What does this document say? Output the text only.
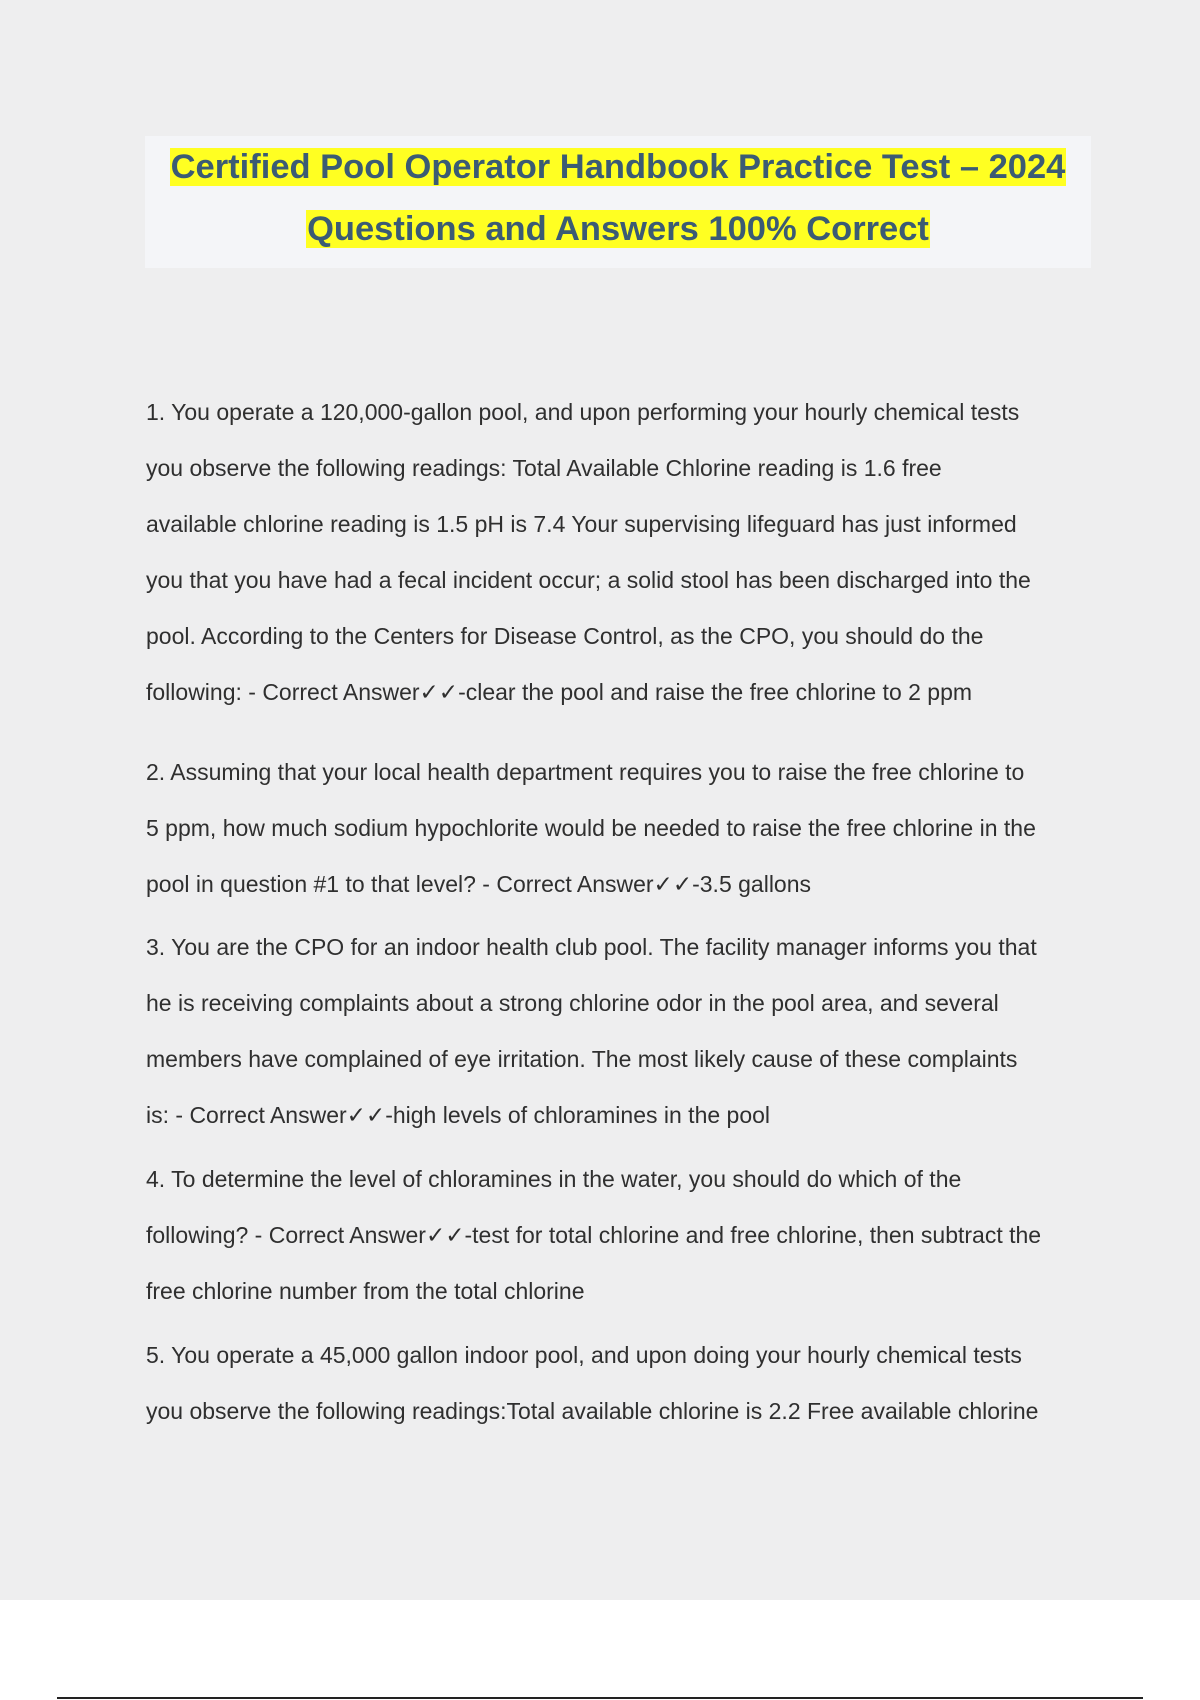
Certified Pool Operator Handbook Practice Test – 2024
Questions and Answers 100% Correct
1. You operate a 120,000-gallon pool, and upon performing your hourly chemical tests
you observe the following readings: Total Available Chlorine reading is 1.6 free
available chlorine reading is 1.5 pH is 7.4 Your supervising lifeguard has just informed
you that you have had a fecal incident occur; a solid stool has been discharged into the
pool. According to the Centers for Disease Control, as the CPO, you should do the
following: - Correct Answer✓✓-clear the pool and raise the free chlorine to 2 ppm
2. Assuming that your local health department requires you to raise the free chlorine to
5 ppm, how much sodium hypochlorite would be needed to raise the free chlorine in the
pool in question #1 to that level? - Correct Answer✓✓-3.5 gallons
3. You are the CPO for an indoor health club pool. The facility manager informs you that
he is receiving complaints about a strong chlorine odor in the pool area, and several
members have complained of eye irritation. The most likely cause of these complaints
is: - Correct Answer✓✓-high levels of chloramines in the pool
4. To determine the level of chloramines in the water, you should do which of the
following? - Correct Answer✓✓-test for total chlorine and free chlorine, then subtract the
free chlorine number from the total chlorine
5. You operate a 45,000 gallon indoor pool, and upon doing your hourly chemical tests
you observe the following readings:Total available chlorine is 2.2 Free available chlorine
